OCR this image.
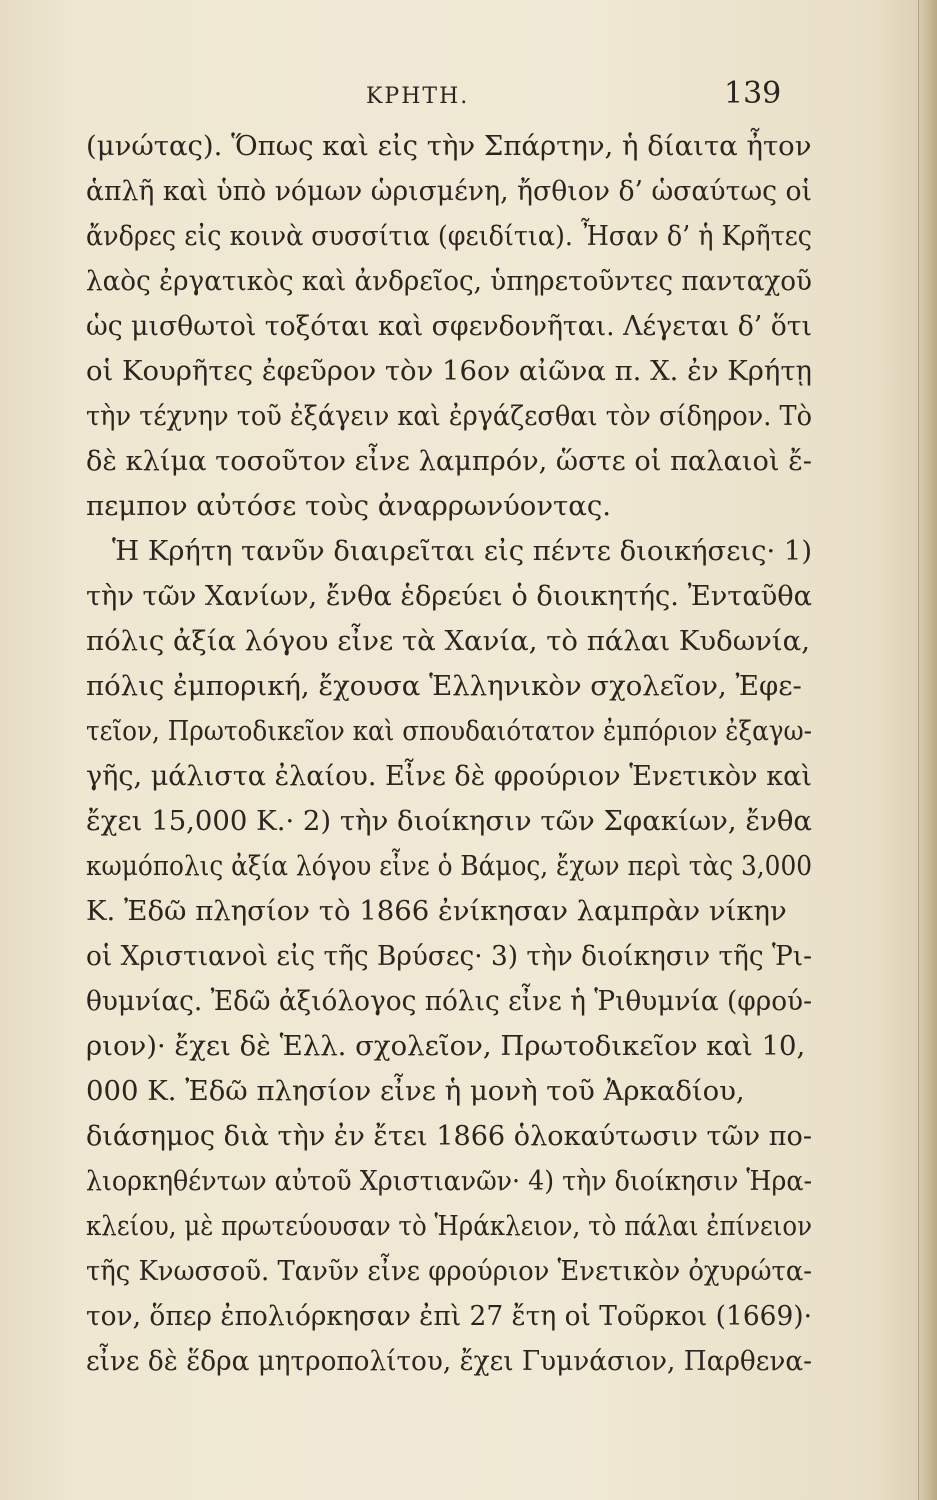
ΚΡΗΤΗ.	139
(μνώτας). Ὅπως καὶ εἰς τὴν Σπάρτην, ἡ δίαιτα ἦτον
ἁπλῆ καὶ ὑπὸ νόμων ὡρισμένη, ἤσθιον δ’ ὡσαύτως οἱ
ἄνδρες εἰς κοινὰ συσσίτια (φειδίτια). Ἦσαν δ’ ἡ Κρῆτες
λαὸς ἐργατικὸς καὶ ἀνδρεῖος, ὑπηρετοῦντες πανταχοῦ
ὡς μισθωτοὶ τοξόται καὶ σφενδονῆται. Λέγεται δ’ ὅτι
οἱ Κουρῆτες ἐφεῦρον τὸν 16ον αἰῶνα π. Χ. ἐν Κρήτῃ
τὴν τέχνην τοῦ ἐξάγειν καὶ ἐργάζεσθαι τὸν σίδηρον. Τὸ
δὲ κλίμα τοσοῦτον εἶνε λαμπρόν, ὥστε οἱ παλαιοὶ ἔ-
πεμπον αὐτόσε τοὺς ἀναρρωνύοντας.
Ἡ Κρήτη τανῦν διαιρεῖται εἰς πέντε διοικήσεις· 1)
τὴν τῶν Χανίων, ἔνθα ἑδρεύει ὁ διοικητής. Ἐνταῦθα
πόλις ἀξία λόγου εἶνε τὰ Χανία, τὸ πάλαι Κυδωνία,
πόλις ἐμπορική, ἔχουσα Ἑλληνικὸν σχολεῖον, Ἐφε-
τεῖον, Πρωτοδικεῖον καὶ σπουδαιότατον ἐμπόριον ἐξαγω-
γῆς, μάλιστα ἐλαίου. Εἶνε δὲ φρούριον Ἑνετικὸν καὶ
ἔχει 15,000 Κ.· 2) τὴν διοίκησιν τῶν Σφακίων, ἔνθα
κωμόπολις ἀξία λόγου εἶνε ὁ Βάμος, ἔχων περὶ τὰς 3,000
Κ. Ἐδῶ πλησίον τὸ 1866 ἐνίκησαν λαμπρὰν νίκην
οἱ Χριστιανοὶ εἰς τῆς Βρύσες· 3) τὴν διοίκησιν τῆς Ῥι-
θυμνίας. Ἐδῶ ἀξιόλογος πόλις εἶνε ἡ Ῥιθυμνία (φρού-
ριον)· ἔχει δὲ Ἑλλ. σχολεῖον, Πρωτοδικεῖον καὶ 10,
000 Κ. Ἐδῶ πλησίον εἶνε ἡ μονὴ τοῦ Ἀρκαδίου,
διάσημος διὰ τὴν ἐν ἔτει 1866 ὁλοκαύτωσιν τῶν πο-
λιορκηθέντων αὐτοῦ Χριστιανῶν· 4) τὴν διοίκησιν Ἡρα-
κλείου, μὲ πρωτεύουσαν τὸ Ἡράκλειον, τὸ πάλαι ἐπίνειον
τῆς Κνωσσοῦ. Τανῦν εἶνε φρούριον Ἑνετικὸν ὀχυρώτα-
τον, ὅπερ ἐπολιόρκησαν ἐπὶ 27 ἔτη οἱ Τοῦρκοι (1669)·
εἶνε δὲ ἕδρα μητροπολίτου, ἔχει Γυμνάσιον, Παρθενα-
